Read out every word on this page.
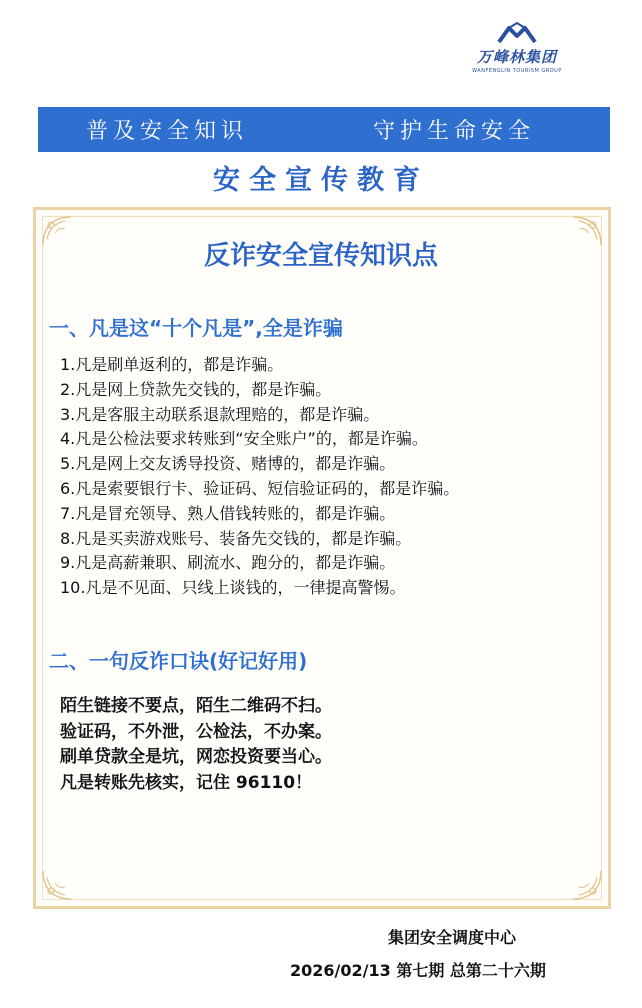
万峰林集团
WANFENGLIN TOURISM GROUP
普及安全知识	守护生命安全
安全宣传教育
反诈安全宣传知识点
一、凡是这“十个凡是”,全是诈骗
1.凡是刷单返利的，都是诈骗。
2.凡是网上贷款先交钱的，都是诈骗。
3.凡是客服主动联系退款理赔的，都是诈骗。
4.凡是公检法要求转账到“安全账户”的，都是诈骗。
5.凡是网上交友诱导投资、赌博的，都是诈骗。
6.凡是索要银行卡、验证码、短信验证码的，都是诈骗。
7.凡是冒充领导、熟人借钱转账的，都是诈骗。
8.凡是买卖游戏账号、装备先交钱的，都是诈骗。
9.凡是高薪兼职、刷流水、跑分的，都是诈骗。
10.凡是不见面、只线上谈钱的，一律提高警惕。
二、一句反诈口诀(好记好用)
陌生链接不要点，陌生二维码不扫。
验证码，不外泄，公检法，不办案。
刷单贷款全是坑，网恋投资要当心。
凡是转账先核实，记住 96110！
集团安全调度中心
2026/02/13 第七期 总第二十六期
